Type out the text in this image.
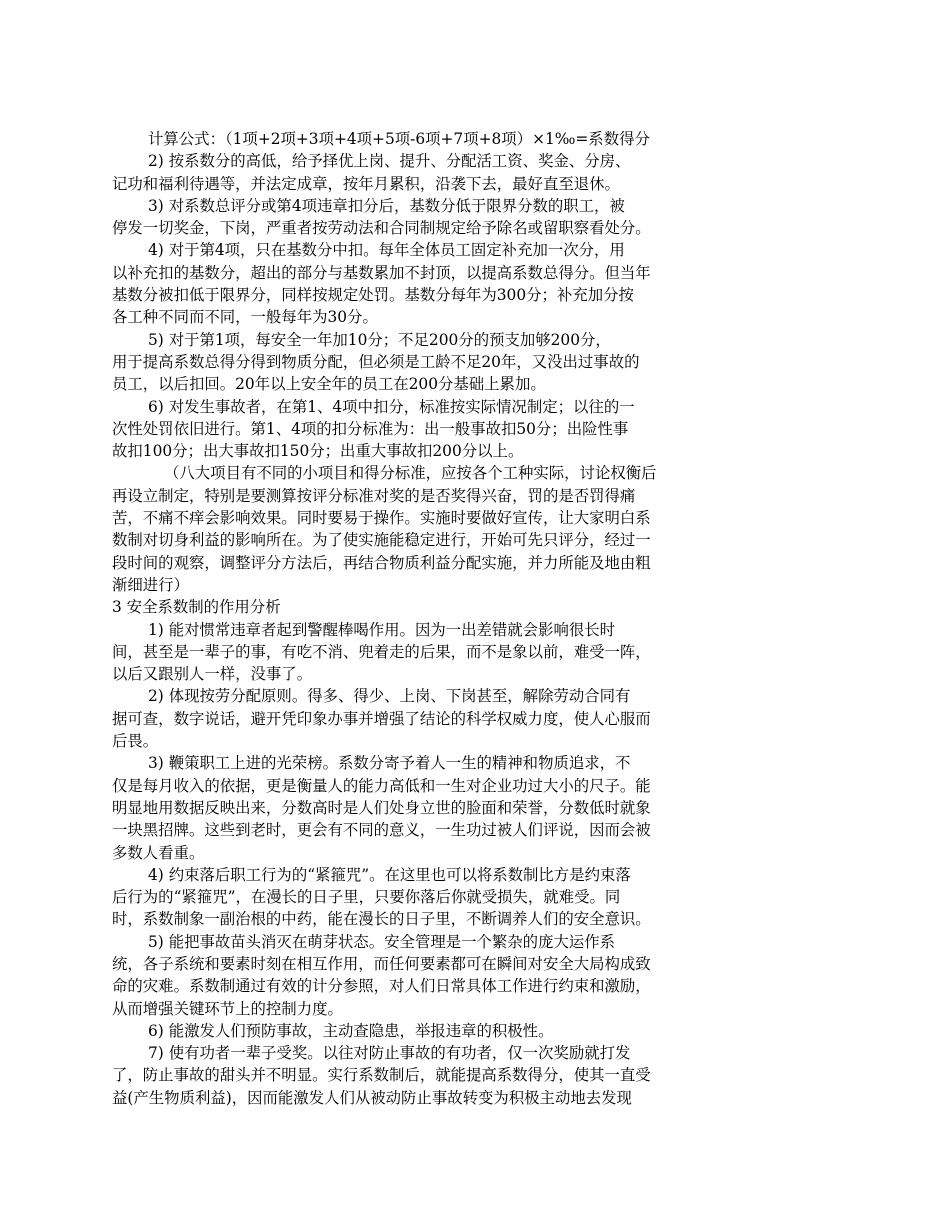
计算公式：（1项+2项+3项+4项+5项-6项+7项+8项）×1‰=系数得分
2) 按系数分的高低，给予择优上岗、提升、分配活工资、奖金、分房、
记功和福利待遇等，并法定成章，按年月累积，沿袭下去，最好直至退休。
3) 对系数总评分或第4项违章扣分后，基数分低于限界分数的职工，被
停发一切奖金，下岗，严重者按劳动法和合同制规定给予除名或留职察看处分。
4) 对于第4项，只在基数分中扣。每年全体员工固定补充加一次分，用
以补充扣的基数分，超出的部分与基数累加不封顶，以提高系数总得分。但当年
基数分被扣低于限界分，同样按规定处罚。基数分每年为300分；补充加分按
各工种不同而不同，一般每年为30分。
5) 对于第1项，每安全一年加10分；不足200分的预支加够200分，
用于提高系数总得分得到物质分配，但必须是工龄不足20年，又没出过事故的
员工，以后扣回。20年以上安全年的员工在200分基础上累加。
6) 对发生事故者，在第1、4项中扣分，标准按实际情况制定；以往的一
次性处罚依旧进行。第1、4项的扣分标准为：出一般事故扣50分；出险性事
故扣100分；出大事故扣150分；出重大事故扣200分以上。
（八大项目有不同的小项目和得分标准，应按各个工种实际，讨论权衡后
再设立制定，特别是要测算按评分标准对奖的是否奖得兴奋，罚的是否罚得痛
苦，不痛不痒会影响效果。同时要易于操作。实施时要做好宣传，让大家明白系
数制对切身利益的影响所在。为了使实施能稳定进行，开始可先只评分，经过一
段时间的观察，调整评分方法后，再结合物质利益分配实施，并力所能及地由粗
渐细进行）
3 安全系数制的作用分析
1) 能对惯常违章者起到警醒棒喝作用。因为一出差错就会影响很长时
间，甚至是一辈子的事，有吃不消、兜着走的后果，而不是象以前，难受一阵，
以后又跟别人一样，没事了。
2) 体现按劳分配原则。得多、得少、上岗、下岗甚至，解除劳动合同有
据可查，数字说话，避开凭印象办事并增强了结论的科学权威力度，使人心服而
后畏。
3) 鞭策职工上进的光荣榜。系数分寄予着人一生的精神和物质追求，不
仅是每月收入的依据，更是衡量人的能力高低和一生对企业功过大小的尺子。能
明显地用数据反映出来，分数高时是人们处身立世的脸面和荣誉，分数低时就象
一块黑招牌。这些到老时，更会有不同的意义，一生功过被人们评说，因而会被
多数人看重。
4) 约束落后职工行为的“紧箍咒”。在这里也可以将系数制比方是约束落
后行为的“紧箍咒”，在漫长的日子里，只要你落后你就受损失，就难受。同
时，系数制象一副治根的中药，能在漫长的日子里，不断调养人们的安全意识。
5) 能把事故苗头消灭在萌芽状态。安全管理是一个繁杂的庞大运作系
统，各子系统和要素时刻在相互作用，而任何要素都可在瞬间对安全大局构成致
命的灾难。系数制通过有效的计分参照，对人们日常具体工作进行约束和激励，
从而增强关键环节上的控制力度。
6) 能激发人们预防事故，主动查隐患，举报违章的积极性。
7) 使有功者一辈子受奖。以往对防止事故的有功者，仅一次奖励就打发
了，防止事故的甜头并不明显。实行系数制后，就能提高系数得分，使其一直受
益(产生物质利益)，因而能激发人们从被动防止事故转变为积极主动地去发现
